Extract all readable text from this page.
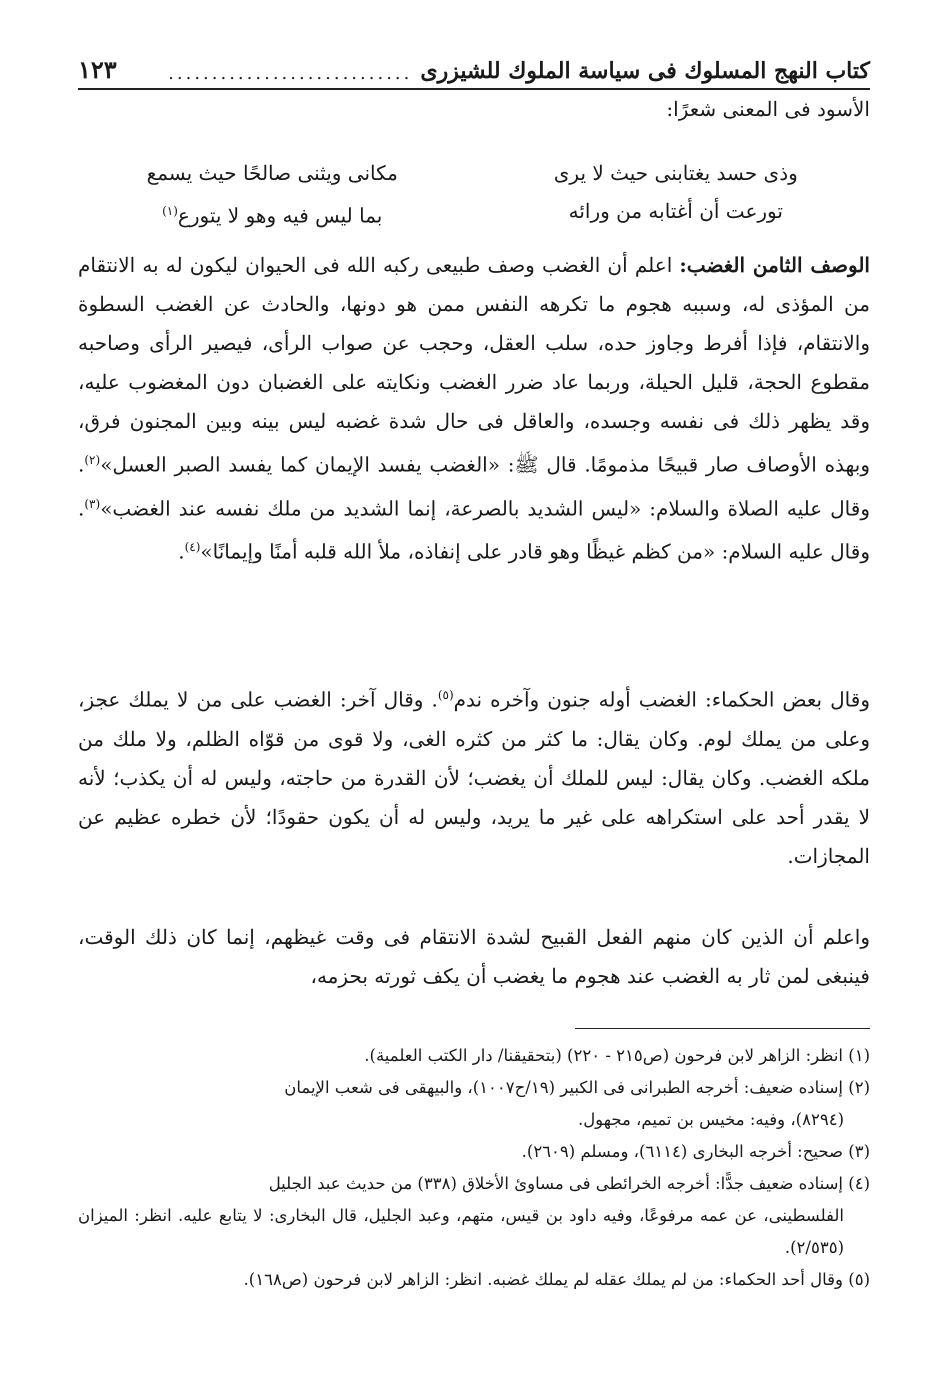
كتاب النهج المسلوك فى سياسة الملوك للشيزرى
............................
١٢٣

الأسود فى المعنى شعرًا:

وذى حسد يغتابنى حيث لا يرى
مكانى ويثنى صالحًا حيث يسمع
تورعت أن أغتابه من ورائه
بما ليس فيه وهو لا يتورع$^{(١)}$

الوصف الثامن الغضب: اعلم أن الغضب وصف طبيعى ركبه الله فى الحيوان ليكون له به الانتقام من المؤذى له، وسببه هجوم ما تكرهه النفس ممن هو دونها، والحادث عن الغضب السطوة والانتقام، فإذا أفرط وجاوز حده، سلب العقل، وحجب عن صواب الرأى، فيصير الرأى وصاحبه مقطوع الحجة، قليل الحيلة، وربما عاد ضرر الغضب ونكايته على الغضبان دون المغضوب عليه، وقد يظهر ذلك فى نفسه وجسده، والعاقل فى حال شدة غضبه ليس بينه وبين المجنون فرق، وبهذه الأوصاف صار قبيحًا مذمومًا. قال ﷺ: «الغضب يفسد الإيمان كما يفسد الصبر العسل»$^{(٢)}$. وقال عليه الصلاة والسلام: «ليس الشديد بالصرعة، إنما الشديد من ملك نفسه عند الغضب»$^{(٣)}$. وقال عليه السلام: «من كظم غيظًا وهو قادر على إنفاذه، ملأ الله قلبه أمنًا وإيمانًا»$^{(٤)}$.

وقال بعض الحكماء: الغضب أوله جنون وآخره ندم$^{(٥)}$. وقال آخر: الغضب على من لا يملك عجز، وعلى من يملك لوم. وكان يقال: ما كثر من كثره الغى، ولا قوى من قوّاه الظلم، ولا ملك من ملكه الغضب. وكان يقال: ليس للملك أن يغضب؛ لأن القدرة من حاجته، وليس له أن يكذب؛ لأنه لا يقدر أحد على استكراهه على غير ما يريد، وليس له أن يكون حقودًا؛ لأن خطره عظيم عن المجازات.

واعلم أن الذين كان منهم الفعل القبيح لشدة الانتقام فى وقت غيظهم، إنما كان ذلك الوقت، فينبغى لمن ثار به الغضب عند هجوم ما يغضب أن يكف ثورته بحزمه،

(١) انظر: الزاهر لابن فرحون (ص٢١٥ - ٢٢٠) (بتحقيقنا/ دار الكتب العلمية).
(٢) إسناده ضعيف: أخرجه الطبرانى فى الكبير (١٩/ح١٠٠٧)، والبيهقى فى شعب الإيمان
(٨٢٩٤)، وفيه: مخيس بن تميم، مجهول.
(٣) صحيح: أخرجه البخارى (٦١١٤)، ومسلم (٢٦٠٩).
(٤) إسناده ضعيف جدًّا: أخرجه الخرائطى فى مساوئ الأخلاق (٣٣٨) من حديث عبد الجليل
الفلسطينى، عن عمه مرفوعًا، وفيه داود بن قيس، متهم، وعبد الجليل، قال البخارى: لا يتابع عليه. انظر: الميزان (٢/٥٣٥).
(٥) وقال أحد الحكماء: من لم يملك عقله لم يملك غضبه. انظر: الزاهر لابن فرحون (ص١٦٨).
